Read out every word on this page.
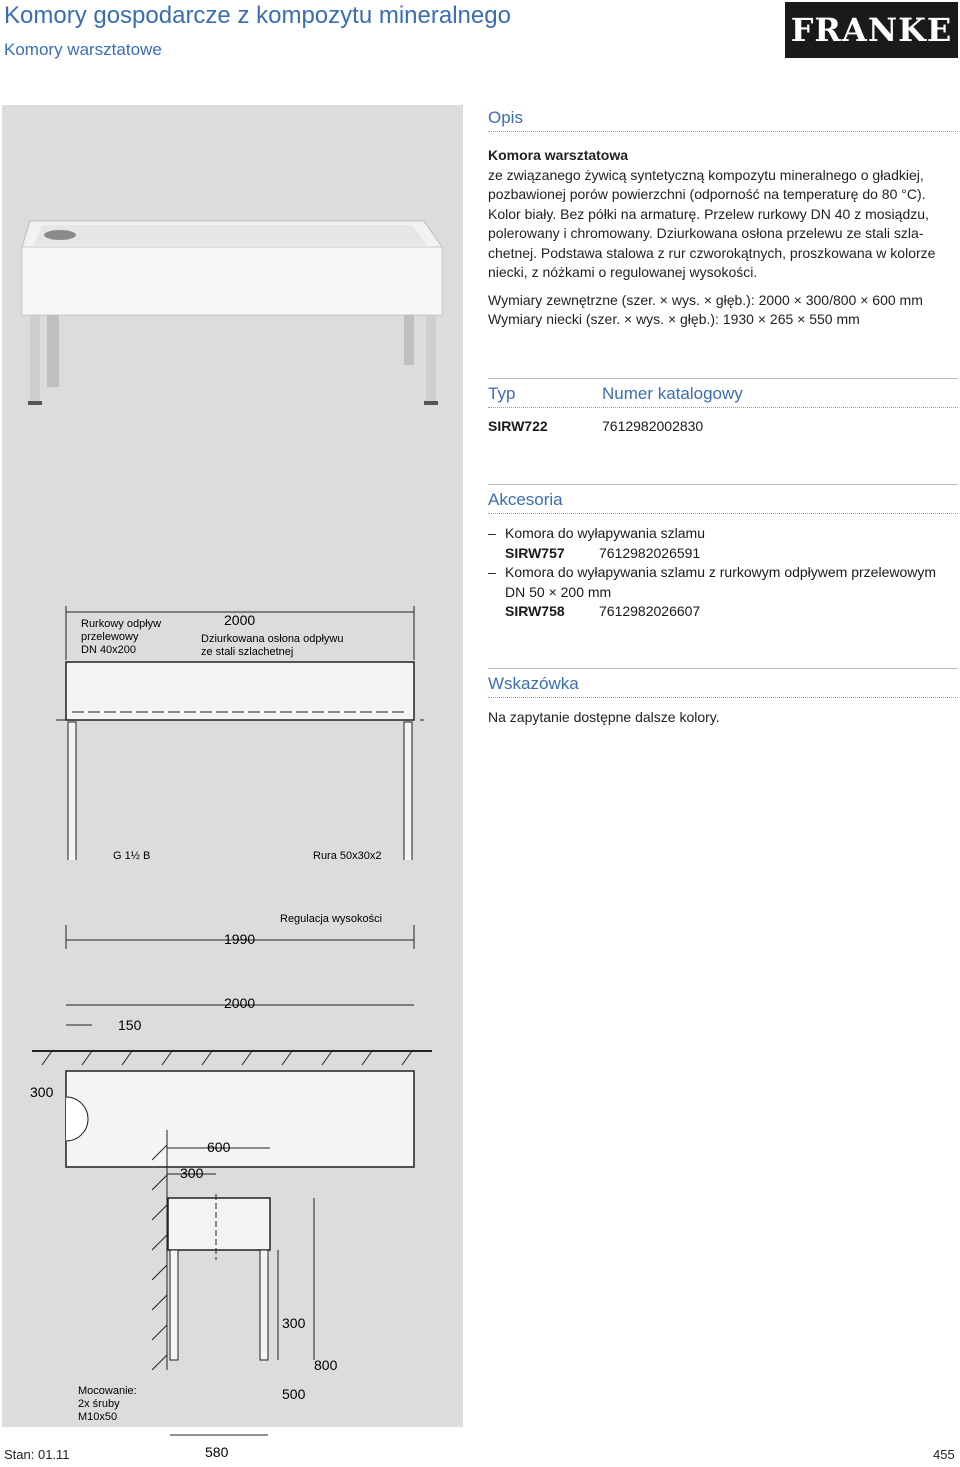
Komory gospodarcze z kompozytu mineralnego
Komory warsztatowe
FRANKE
2000
Rurkowy odpływ
przelewowy
DN 40x200
Dziurkowana osłona odpływu
ze stali szlachetnej
G 1½ B	Rura 50x30x2
Regulacja wysokości
1990
2000
150
300
600
300
300
800
500
Mocowanie:
2x śruby
M10x50
580
Opis
Komora warsztatowa
ze związanego żywicą syntetyczną kompozytu mineralnego o gładkiej,
pozbawionej porów powierzchni (odporność na temperaturę do 80 °C).
Kolor biały. Bez półki na armaturę. Przelew rurkowy DN 40 z mosiądzu,
polerowany i chromowany. Dziurkowana osłona przelewu ze stali szla-
chetnej. Podstawa stalowa z rur czworokątnych, proszkowana w kolorze
niecki, z nóżkami o regulowanej wysokości.
Wymiary zewnętrzne (szer. × wys. × głęb.): 2000 × 300/800 × 600 mm
Wymiary niecki (szer. × wys. × głęb.): 1930 × 265 × 550 mm
Typ	Numer katalogowy
SIRW722	7612982002830
Akcesoria
– Komora do wyłapywania szlamu
SIRW757	7612982026591
– Komora do wyłapywania szlamu z rurkowym odpływem przelewowym
DN 50 × 200 mm
SIRW758	7612982026607
Wskazówka
Na zapytanie dostępne dalsze kolory.
Stan: 01.11	455
